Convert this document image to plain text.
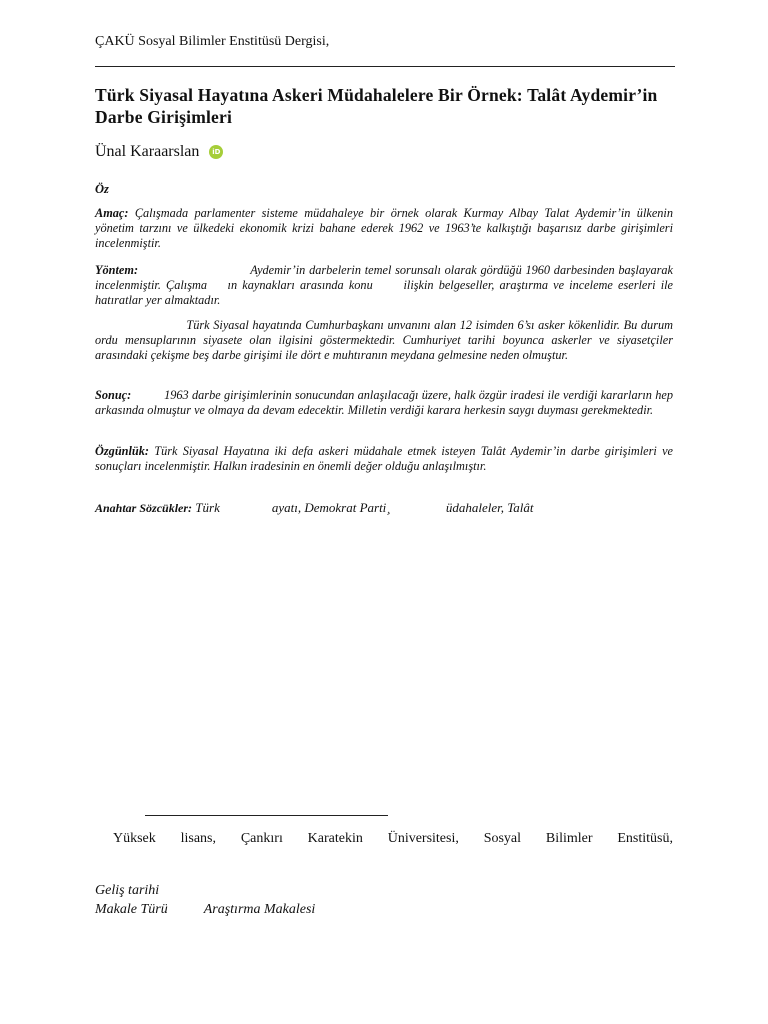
ÇAKÜ Sosyal Bilimler Enstitüsü Dergisi,
Türk Siyasal Hayatına Askeri Müdahalelere Bir Örnek: Talât Aydemir’in Darbe Girişimleri
Ünal Karaarslan	iD
Öz
Amaç: Çalışmada parlamenter sisteme müdahaleye bir örnek olarak Kurmay Albay Talat Aydemir’in ülkenin yönetim tarzını ve ülkedeki ekonomik krizi bahane ederek 1962 ve 1963’te kalkıştığı başarısız darbe girişimleri incelenmiştir.
Yöntem:                              Aydemir’in darbelerin temel sorunsalı olarak gördüğü 1960 darbesinden başlayarak incelenmiştir. Çalışma    ın kaynakları arasında konu      ilişkin belgeseller, araştırma ve inceleme eserleri ile hatıratlar yer almaktadır.
Türk Siyasal hayatında Cumhurbaşkanı unvanını alan 12 isimden 6’sı asker kökenlidir. Bu durum ordu mensuplarının siyasete olan ilgisini göstermektedir. Cumhuriyet tarihi boyunca askerler ve siyasetçiler arasındaki çekişme beş darbe girişimi ile dört e muhtıranın meydana gelmesine neden olmuştur.
Sonuç:          1963 darbe girişimlerinin sonucundan anlaşılacağı üzere, halk özgür iradesi ile verdiği kararların hep arkasında olmuştur ve olmaya da devam edecektir. Milletin verdiği karara herkesin saygı duyması gerekmektedir.
Özgünlük: Türk Siyasal Hayatına iki defa askeri müdahale etmek isteyen Talât Aydemir’in darbe girişimleri ve sonuçları incelenmiştir. Halkın iradesinin en önemli değer olduğu anlaşılmıştır.
Anahtar Sözcükler: Türk                ayatı, Demokrat Parti¸                 üdahaleler, Talât
Yüksek lisans, Çankırı Karatekin Üniversitesi, Sosyal Bilimler Enstitüsü,
Geliş tarihi
Makale Türü	Araştırma Makalesi
